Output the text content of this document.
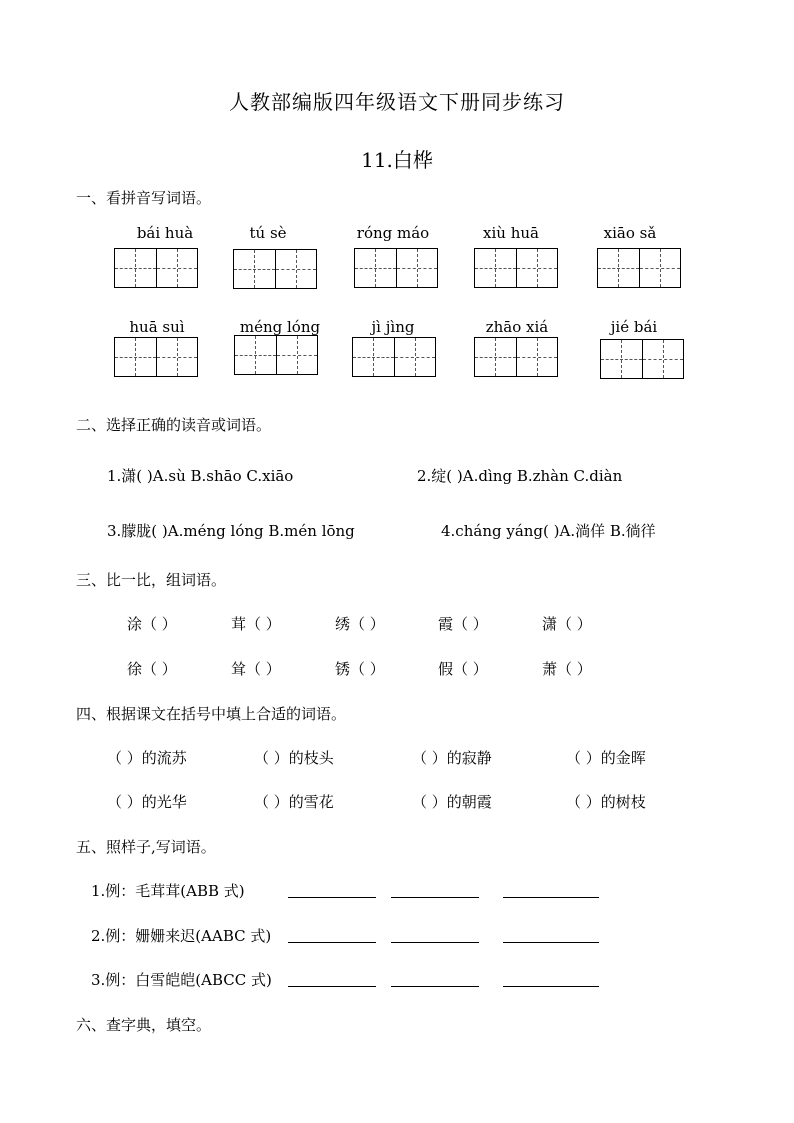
人教部编版四年级语文下册同步练习
11.白桦
一、看拼音写词语。
bái huà	tú sè	róng máo	xiù huā	xiāo sǎ
huā suì	méng lóng	jì jìng	zhāo xiá	jié bái
二、选择正确的读音或词语。
1.潇( )A.sù B.shāo C.xiāo	2.绽( )A.dìng B.zhàn C.diàn
3.朦胧( )A.méng lóng B.mén lōng	4.cháng yáng( )A.淌佯 B.徜徉
三、比一比，组词语。
涂（ ）	茸（ ）	绣（ ）	霞（ ）	潇（ ）
徐（ ）	耸（ ）	锈（ ）	假（ ）	萧（ ）
四、根据课文在括号中填上合适的词语。
（ ）的流苏	（ ）的枝头	（ ）的寂静	（ ）的金晖
（ ）的光华	（ ）的雪花	（ ）的朝霞	（ ）的树枝
五、照样子,写词语。
1.例：毛茸茸(ABB 式)
2.例：姗姗来迟(AABC 式)
3.例：白雪皑皑(ABCC 式)
六、查字典，填空。
